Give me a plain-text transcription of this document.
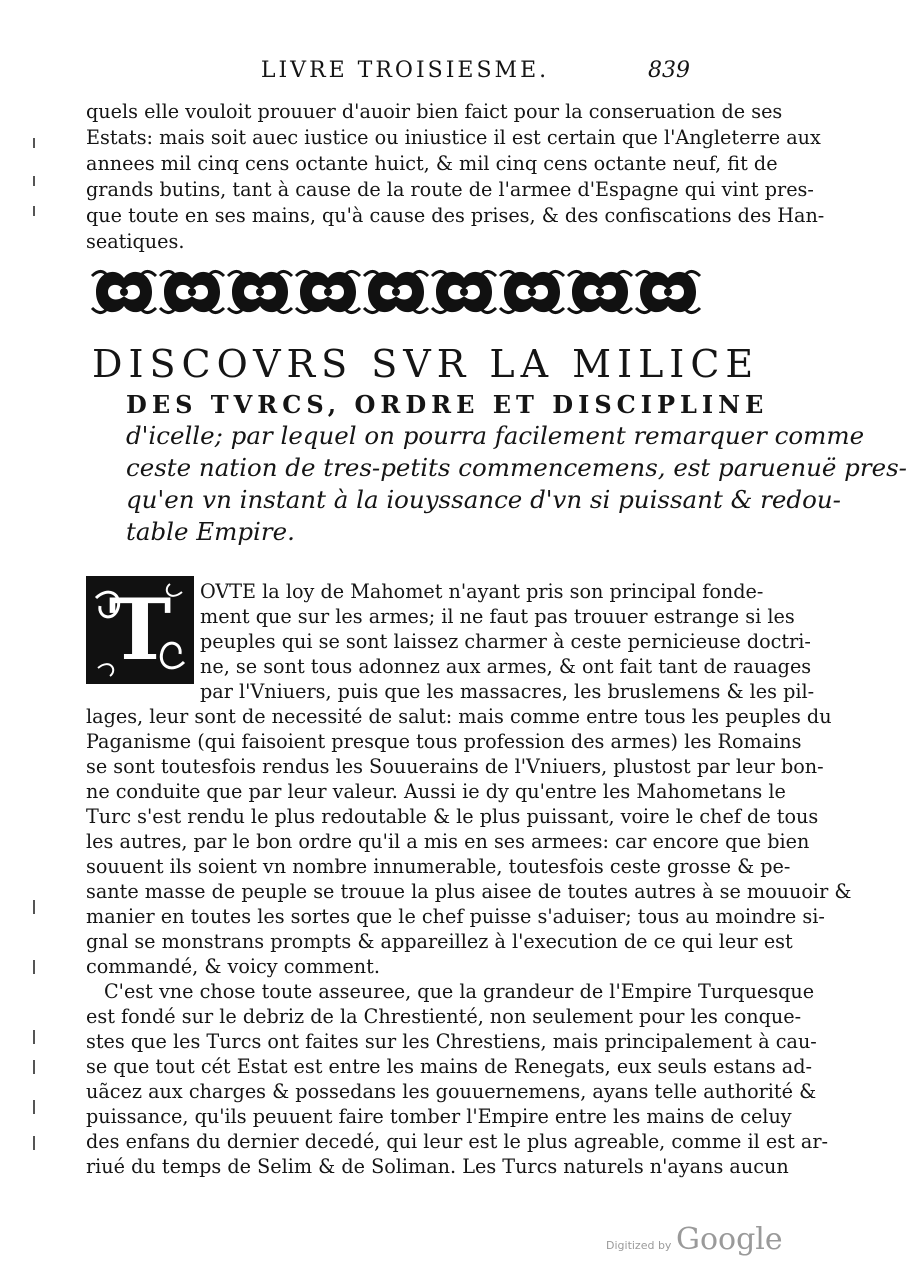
LIVRE TROISIESME.	839
quels elle vouloit prouuer d'auoir bien faict pour la conseruation de ses
Estats: mais soit auec iustice ou iniustice il est certain que l'Angleterre aux
annees mil cinq cens octante huict, & mil cinq cens octante neuf, fit de
grands butins, tant à cause de la route de l'armee d'Espagne qui vint pres-
que toute en ses mains, qu'à cause des prises, & des confiscations des Han-
seatiques.
DISCOVRS SVR LA MILICE
DES TVRCS, ORDRE ET DISCIPLINE
d'icelle; par lequel on pourra facilement remarquer comme
ceste nation de tres-petits commencemens, est paruenuë pres-
qu'en vn instant à la iouyssance d'vn si puissant & redou-
table Empire.
T	OVTE la loy de Mahomet n'ayant pris son principal fonde-
ment que sur les armes; il ne faut pas trouuer estrange si les
peuples qui se sont laissez charmer à ceste pernicieuse doctri-
ne, se sont tous adonnez aux armes, & ont fait tant de rauages
par l'Vniuers, puis que les massacres, les bruslemens & les pil-
lages, leur sont de necessité de salut: mais comme entre tous les peuples du
Paganisme (qui faisoient presque tous profession des armes) les Romains
se sont toutesfois rendus les Souuerains de l'Vniuers, plustost par leur bon-
ne conduite que par leur valeur. Aussi ie dy qu'entre les Mahometans le
Turc s'est rendu le plus redoutable & le plus puissant, voire le chef de tous
les autres, par le bon ordre qu'il a mis en ses armees: car encore que bien
souuent ils soient vn nombre innumerable, toutesfois ceste grosse & pe-
sante masse de peuple se trouue la plus aisee de toutes autres à se mouuoir &
manier en toutes les sortes que le chef puisse s'aduiser; tous au moindre si-
gnal se monstrans prompts & appareillez à l'execution de ce qui leur est
commandé, & voicy comment.
C'est vne chose toute asseuree, que la grandeur de l'Empire Turquesque
est fondé sur le debriz de la Chrestienté, non seulement pour les conque-
stes que les Turcs ont faites sur les Chrestiens, mais principalement à cau-
se que tout cét Estat est entre les mains de Renegats, eux seuls estans ad-
uãcez aux charges & possedans les gouuernemens, ayans telle authorité &
puissance, qu'ils peuuent faire tomber l'Empire entre les mains de celuy
des enfans du dernier decedé, qui leur est le plus agreable, comme il est ar-
riué du temps de Selim & de Soliman. Les Turcs naturels n'ayans aucun
Digitized by Google
